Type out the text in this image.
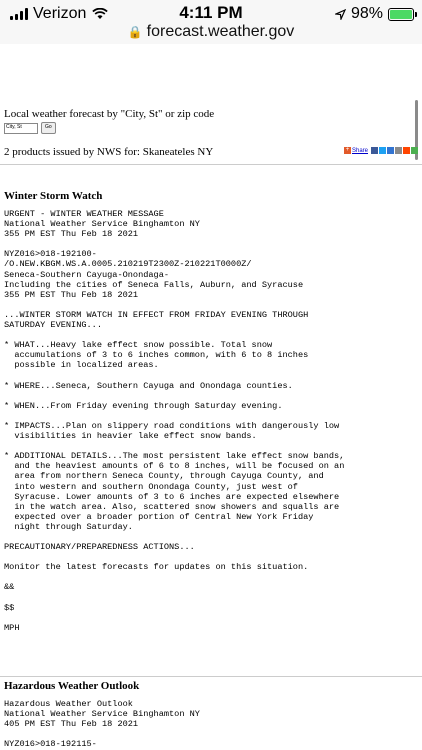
Verizon	4:11 PM	98%
🔒 forecast.weather.gov
Local weather forecast by "City, St" or zip code
City, St	Go
2 products issued by NWS for: Skaneateles NY	+ Share
Winter Storm Watch
URGENT - WINTER WEATHER MESSAGE
National Weather Service Binghamton NY
355 PM EST Thu Feb 18 2021

NYZ016>018-192100-
/O.NEW.KBGM.WS.A.0005.210219T2300Z-210221T0000Z/
Seneca-Southern Cayuga-Onondaga-
Including the cities of Seneca Falls, Auburn, and Syracuse
355 PM EST Thu Feb 18 2021

...WINTER STORM WATCH IN EFFECT FROM FRIDAY EVENING THROUGH
SATURDAY EVENING...

* WHAT...Heavy lake effect snow possible. Total snow
accumulations of 3 to 6 inches common, with 6 to 8 inches
possible in localized areas.

* WHERE...Seneca, Southern Cayuga and Onondaga counties.

* WHEN...From Friday evening through Saturday evening.

* IMPACTS...Plan on slippery road conditions with dangerously low
visibilities in heavier lake effect snow bands.

* ADDITIONAL DETAILS...The most persistent lake effect snow bands,
and the heaviest amounts of 6 to 8 inches, will be focused on an
area from northern Seneca County, through Cayuga County, and
into western and southern Onondaga County, just west of
Syracuse. Lower amounts of 3 to 6 inches are expected elsewhere
in the watch area. Also, scattered snow showers and squalls are
expected over a broader portion of Central New York Friday
night through Saturday.

PRECAUTIONARY/PREPAREDNESS ACTIONS...

Monitor the latest forecasts for updates on this situation.

&&

$$

MPH
Hazardous Weather Outlook
Hazardous Weather Outlook
National Weather Service Binghamton NY
405 PM EST Thu Feb 18 2021

NYZ016>018-192115-
